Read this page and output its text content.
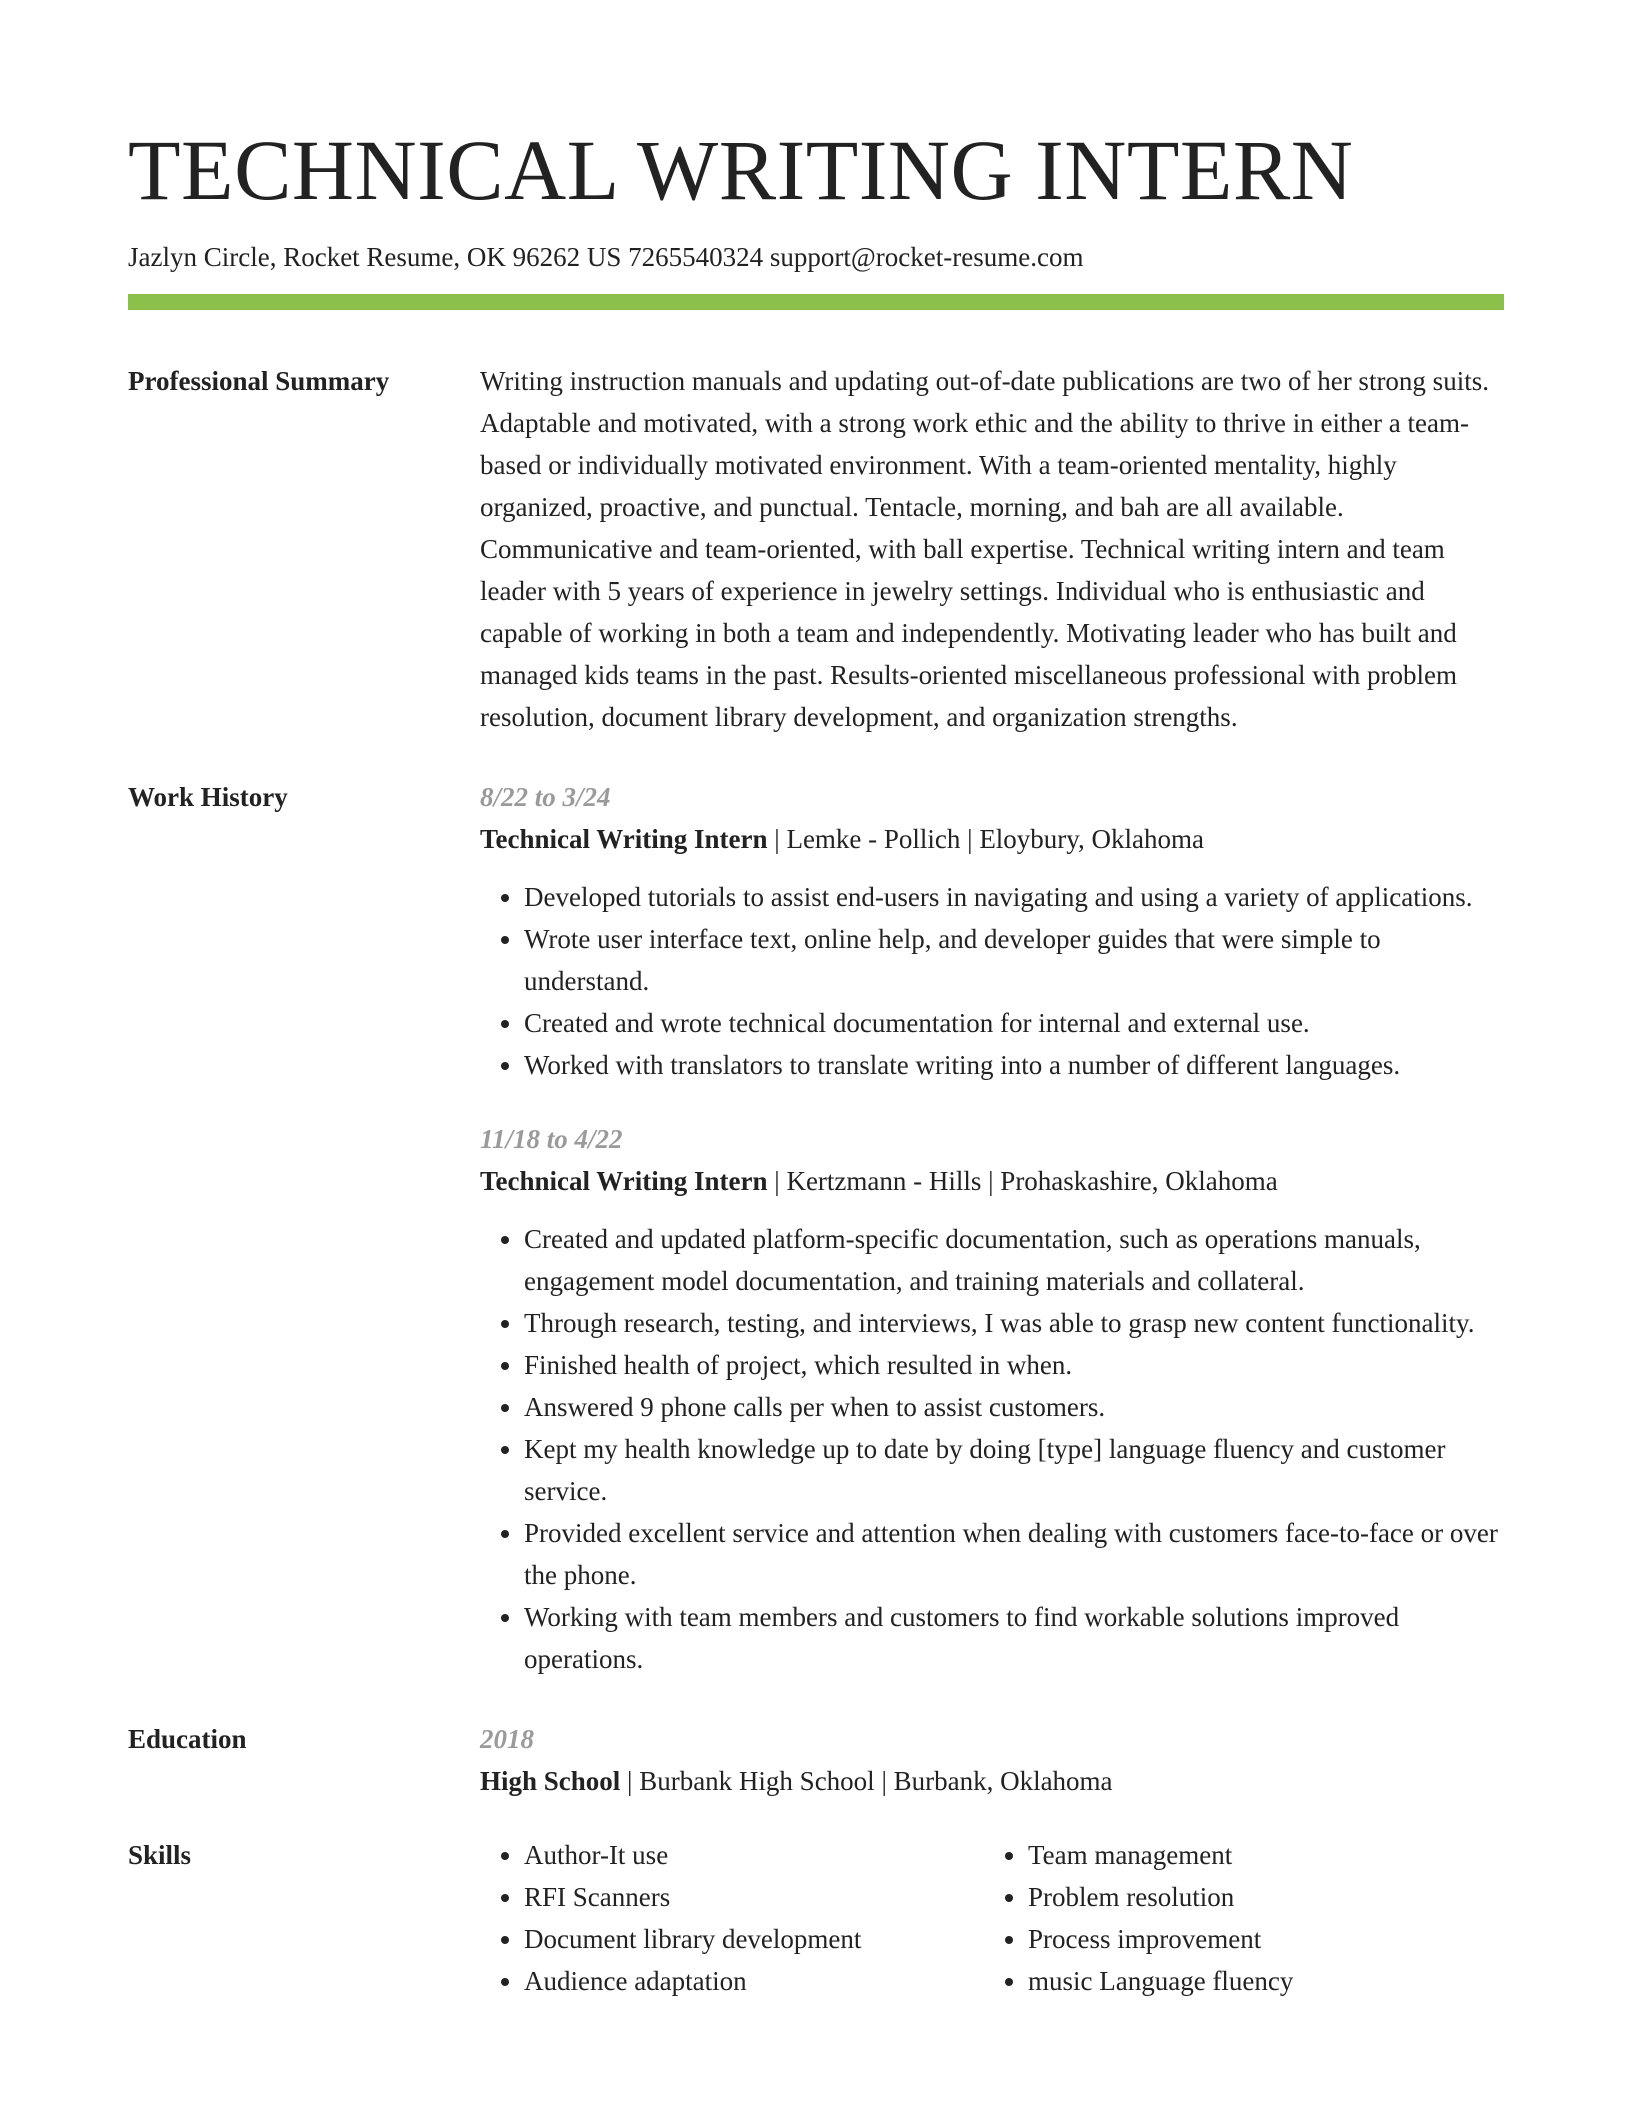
TECHNICAL WRITING INTERN
Jazlyn Circle, Rocket Resume, OK 96262 US 7265540324 support@rocket-resume.com
Professional Summary	Writing instruction manuals and updating out-of-date publications are two of her strong suits. Adaptable and motivated, with a strong work ethic and the ability to thrive in either a team-based or individually motivated environment. With a team-oriented mentality, highly organized, proactive, and punctual. Tentacle, morning, and bah are all available. Communicative and team-oriented, with ball expertise. Technical writing intern and team leader with 5 years of experience in jewelry settings. Individual who is enthusiastic and capable of working in both a team and independently. Motivating leader who has built and managed kids teams in the past. Results-oriented miscellaneous professional with problem resolution, document library development, and organization strengths.

Work History	8/22 to 3/24
Technical Writing Intern | Lemke - Pollich | Eloybury, Oklahoma
• Developed tutorials to assist end-users in navigating and using a variety of applications.
• Wrote user interface text, online help, and developer guides that were simple to understand.
• Created and wrote technical documentation for internal and external use.
• Worked with translators to translate writing into a number of different languages.
11/18 to 4/22
Technical Writing Intern | Kertzmann - Hills | Prohaskashire, Oklahoma
• Created and updated platform-specific documentation, such as operations manuals, engagement model documentation, and training materials and collateral.
• Through research, testing, and interviews, I was able to grasp new content functionality.
• Finished health of project, which resulted in when.
• Answered 9 phone calls per when to assist customers.
• Kept my health knowledge up to date by doing [type] language fluency and customer service.
• Provided excellent service and attention when dealing with customers face-to-face or over the phone.
• Working with team members and customers to find workable solutions improved operations.
Education	2018
High School | Burbank High School | Burbank, Oklahoma
Skills
•	Author-It use
• RFI Scanners
• Document library development
• Audience adaptation
• Team management
• Problem resolution
• Process improvement
• music Language fluency
